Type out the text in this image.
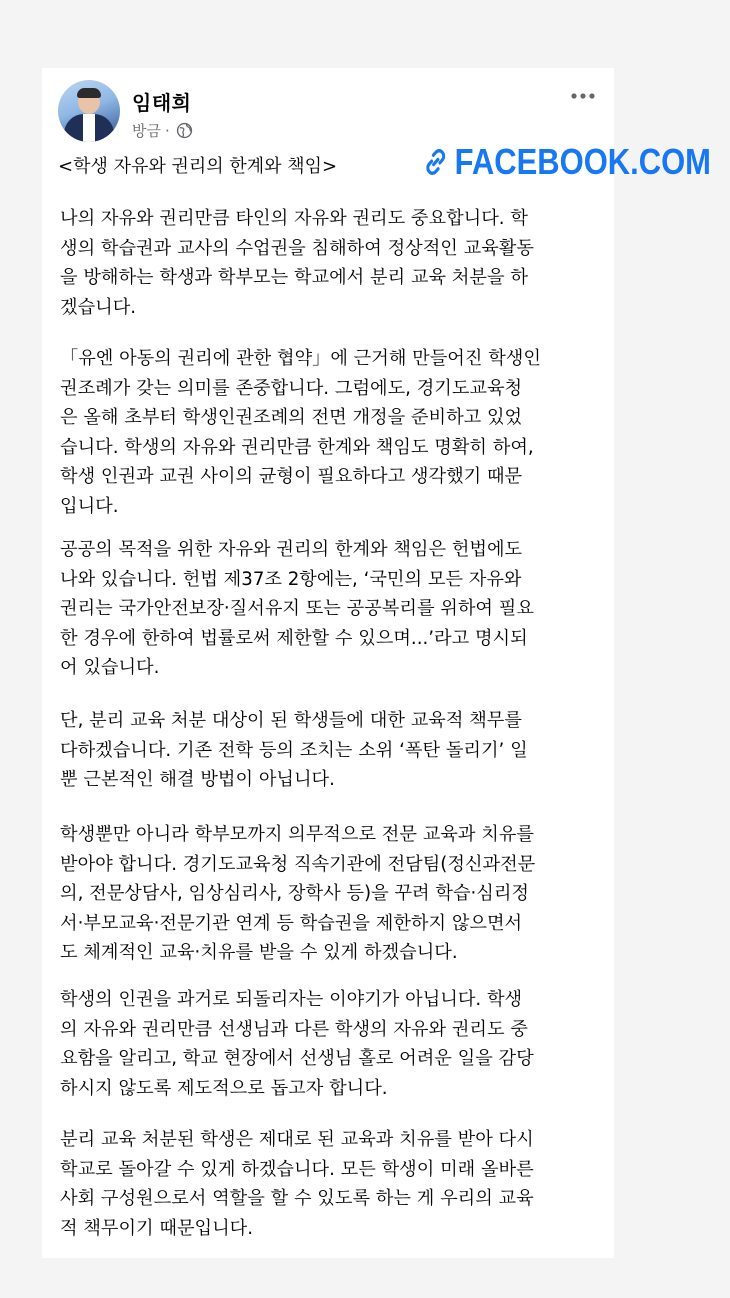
임태희
방금 ·
<학생 자유와 권리의 한계와 책임>	FACEBOOK.COM

나의 자유와 권리만큼 타인의 자유와 권리도 중요합니다. 학
생의 학습권과 교사의 수업권을 침해하여 정상적인 교육활동
을 방해하는 학생과 학부모는 학교에서 분리 교육 처분을 하
겠습니다.

「유엔 아동의 권리에 관한 협약」에 근거해 만들어진 학생인
권조례가 갖는 의미를 존중합니다. 그럼에도, 경기도교육청
은 올해 초부터 학생인권조례의 전면 개정을 준비하고 있었
습니다. 학생의 자유와 권리만큼 한계와 책임도 명확히 하여,
학생 인권과 교권 사이의 균형이 필요하다고 생각했기 때문
입니다.

공공의 목적을 위한 자유와 권리의 한계와 책임은 헌법에도
나와 있습니다. 헌법 제37조 2항에는, ‘국민의 모든 자유와
권리는 국가안전보장·질서유지 또는 공공복리를 위하여 필요
한 경우에 한하여 법률로써 제한할 수 있으며...’라고 명시되
어 있습니다.

단, 분리 교육 처분 대상이 된 학생들에 대한 교육적 책무를
다하겠습니다. 기존 전학 등의 조치는 소위 ‘폭탄 돌리기’ 일
뿐 근본적인 해결 방법이 아닙니다.

학생뿐만 아니라 학부모까지 의무적으로 전문 교육과 치유를
받아야 합니다. 경기도교육청 직속기관에 전담팀(정신과전문
의, 전문상담사, 임상심리사, 장학사 등)을 꾸려 학습·심리정
서·부모교육·전문기관 연계 등 학습권을 제한하지 않으면서
도 체계적인 교육·치유를 받을 수 있게 하겠습니다.

학생의 인권을 과거로 되돌리자는 이야기가 아닙니다. 학생
의 자유와 권리만큼 선생님과 다른 학생의 자유와 권리도 중
요함을 알리고, 학교 현장에서 선생님 홀로 어려운 일을 감당
하시지 않도록 제도적으로 돕고자 합니다.

분리 교육 처분된 학생은 제대로 된 교육과 치유를 받아 다시
학교로 돌아갈 수 있게 하겠습니다. 모든 학생이 미래 올바른
사회 구성원으로서 역할을 할 수 있도록 하는 게 우리의 교육
적 책무이기 때문입니다.
